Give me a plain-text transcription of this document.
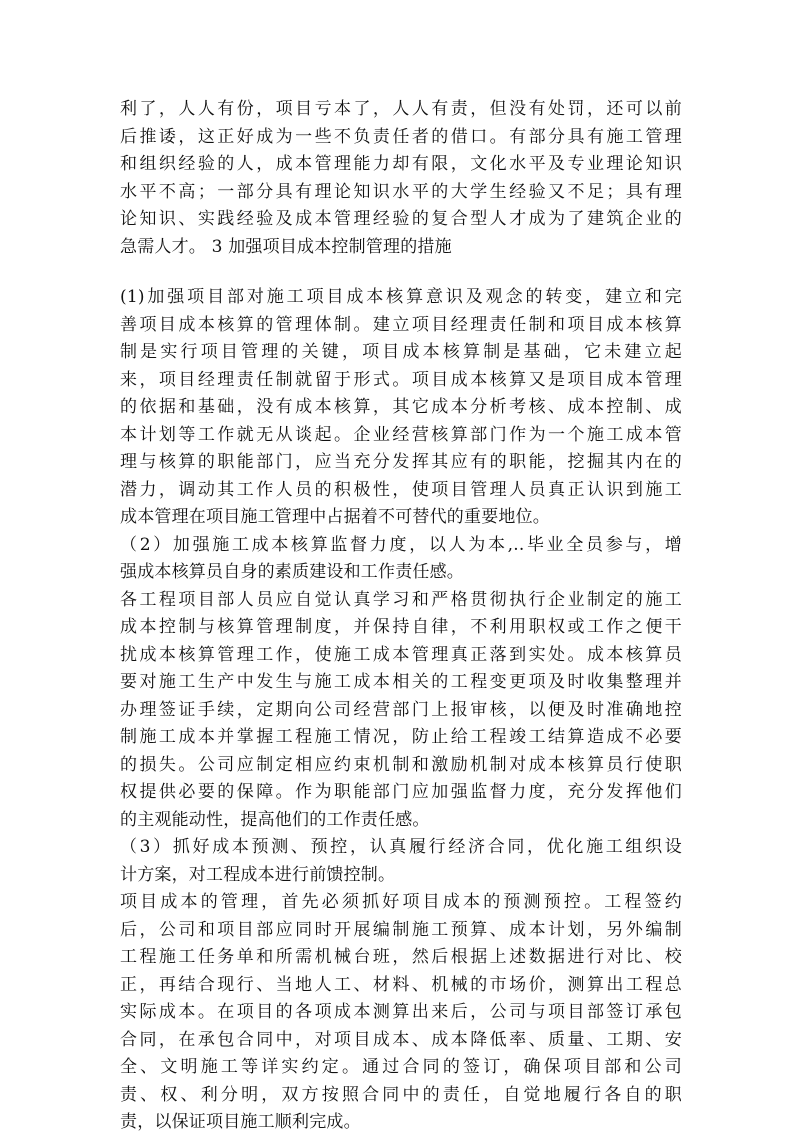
利了，人人有份，项目亏本了，人人有责，但没有处罚，还可以前
后推诿，这正好成为一些不负责任者的借口。有部分具有施工管理
和组织经验的人，成本管理能力却有限，文化水平及专业理论知识
水平不高；一部分具有理论知识水平的大学生经验又不足；具有理
论知识、实践经验及成本管理经验的复合型人才成为了建筑企业的
急需人才。 3 加强项目成本控制管理的措施
(1)加强项目部对施工项目成本核算意识及观念的转变，建立和完
善项目成本核算的管理体制。建立项目经理责任制和项目成本核算
制是实行项目管理的关键，项目成本核算制是基础，它未建立起
来，项目经理责任制就留于形式。项目成本核算又是项目成本管理
的依据和基础，没有成本核算，其它成本分析考核、成本控制、成
本计划等工作就无从谈起。企业经营核算部门作为一个施工成本管
理与核算的职能部门，应当充分发挥其应有的职能，挖掘其内在的
潜力，调动其工作人员的积极性，使项目管理人员真正认识到施工
成本管理在项目施工管理中占据着不可替代的重要地位。
（2）加强施工成本核算监督力度，以人为本,..毕业全员参与，增
强成本核算员自身的素质建设和工作责任感。
各工程项目部人员应自觉认真学习和严格贯彻执行企业制定的施工
成本控制与核算管理制度，并保持自律，不利用职权或工作之便干
扰成本核算管理工作，使施工成本管理真正落到实处。成本核算员
要对施工生产中发生与施工成本相关的工程变更项及时收集整理并
办理签证手续，定期向公司经营部门上报审核，以便及时准确地控
制施工成本并掌握工程施工情况，防止给工程竣工结算造成不必要
的损失。公司应制定相应约束机制和激励机制对成本核算员行使职
权提供必要的保障。作为职能部门应加强监督力度，充分发挥他们
的主观能动性，提高他们的工作责任感。
（3）抓好成本预测、预控，认真履行经济合同，优化施工组织设
计方案，对工程成本进行前馈控制。
项目成本的管理，首先必须抓好项目成本的预测预控。工程签约
后，公司和项目部应同时开展编制施工预算、成本计划，另外编制
工程施工任务单和所需机械台班，然后根据上述数据进行对比、校
正，再结合现行、当地人工、材料、机械的市场价，测算出工程总
实际成本。在项目的各项成本测算出来后，公司与项目部签订承包
合同，在承包合同中，对项目成本、成本降低率、质量、工期、安
全、文明施工等详实约定。通过合同的签订，确保项目部和公司
责、权、利分明，双方按照合同中的责任，自觉地履行各自的职
责，以保证项目施工顺利完成。
